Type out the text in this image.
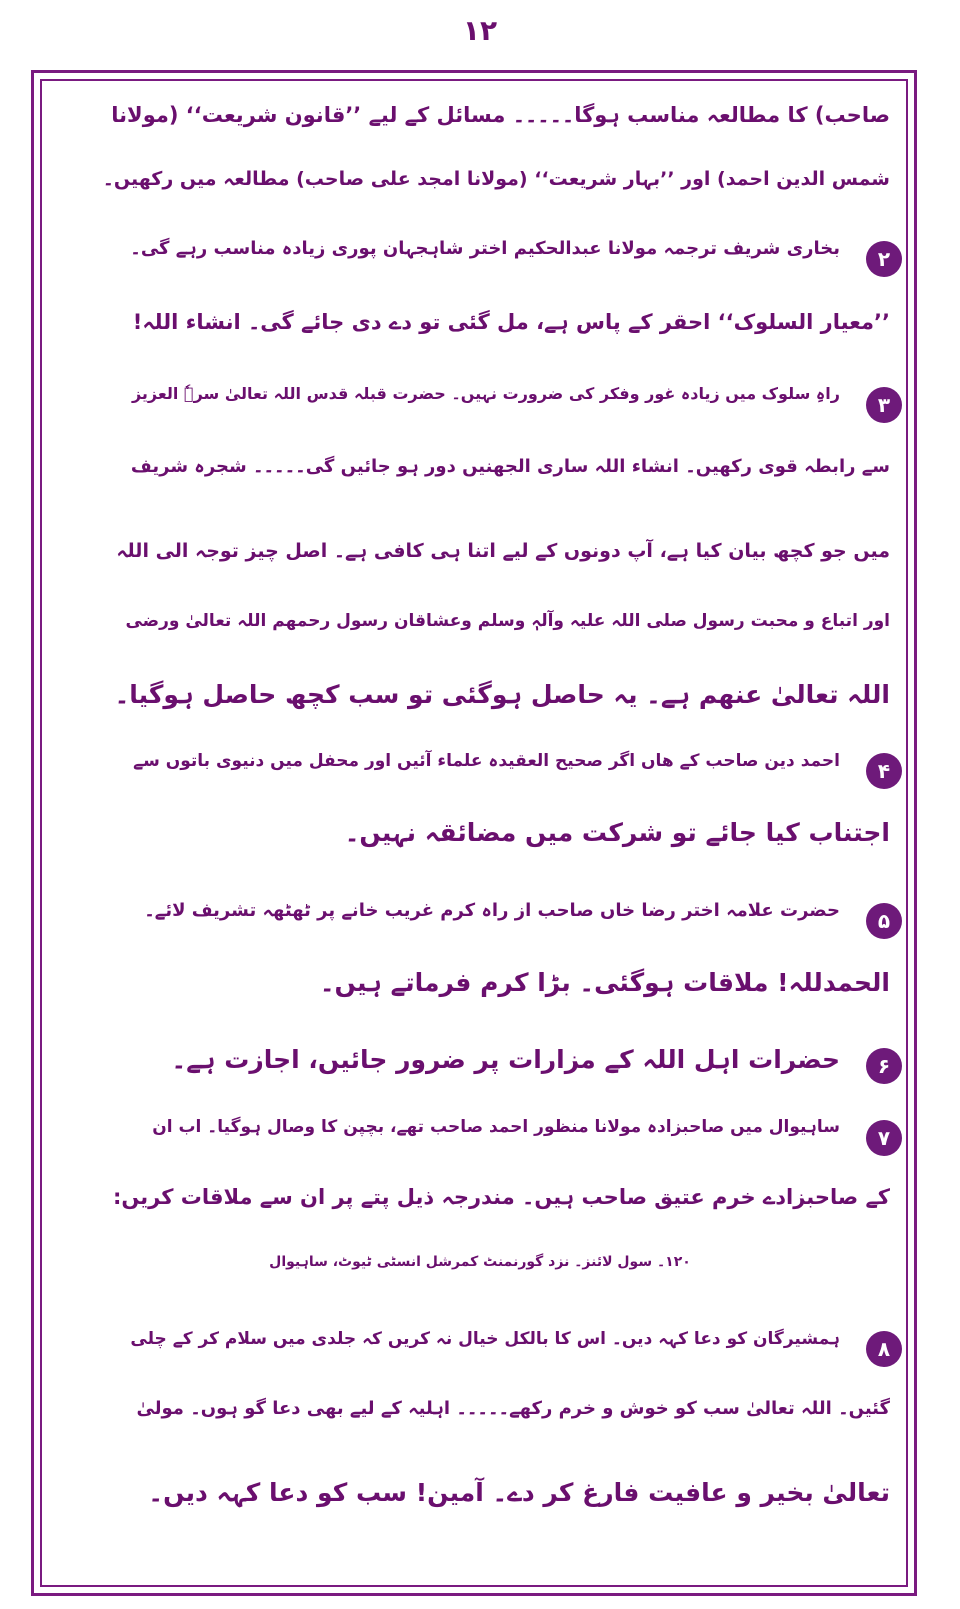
۱۲
صاحب) کا مطالعہ مناسب ہوگا۔۔۔۔۔ مسائل کے لیے ’’قانون شریعت‘‘ (مولانا
شمس الدین احمد) اور ’’بہار شریعت‘‘ (مولانا امجد علی صاحب) مطالعہ میں رکھیں۔
۲
بخاری شریف ترجمہ مولانا عبدالحکیم اختر شاہجہان پوری زیادہ مناسب رہے گی۔
’’معیار السلوک‘‘ احقر کے پاس ہے، مل گئی تو دے دی جائے گی۔ انشاء اللہ!
۳
راہِ سلوک میں زیادہ غور وفکر کی ضرورت نہیں۔ حضرت قبلہ قدس اللہ تعالیٰ سرہٗ العزیز
سے رابطہ قوی رکھیں۔ انشاء اللہ ساری الجھنیں دور ہو جائیں گی۔۔۔۔۔ شجرہ شریف
میں جو کچھ بیان کیا ہے، آپ دونوں کے لیے اتنا ہی کافی ہے۔ اصل چیز توجہ الی اللہ
اور اتباع و محبت رسول صلی اللہ علیہ وآلہٖ وسلم وعشاقان رسول رحمھم اللہ تعالیٰ ورضی
اللہ تعالیٰ عنھم ہے۔ یہ حاصل ہوگئی تو سب کچھ حاصل ہوگیا۔
۴
احمد دین صاحب کے ھاں اگر صحیح العقیدہ علماء آئیں اور محفل میں دنیوی باتوں سے
اجتناب کیا جائے تو شرکت میں مضائقہ نہیں۔
۵
حضرت علامہ اختر رضا خاں صاحب از راہ کرم غریب خانے پر ٹھٹھہ تشریف لائے۔
الحمدللہ! ملاقات ہوگئی۔ بڑا کرم فرماتے ہیں۔
۶
حضرات اہل اللہ کے مزارات پر ضرور جائیں، اجازت ہے۔
۷
ساہیوال میں صاحبزادہ مولانا منظور احمد صاحب تھے، بچپن کا وصال ہوگیا۔ اب ان
کے صاحبزادے خرم عتیق صاحب ہیں۔ مندرجہ ذیل پتے پر ان سے ملاقات کریں:
۱۲۰۔ سول لائنز۔ نزد گورنمنٹ کمرشل انسٹی ٹیوٹ، ساہیوال
۸
ہمشیرگان کو دعا کہہ دیں۔ اس کا بالکل خیال نہ کریں کہ جلدی میں سلام کر کے چلی
گئیں۔ اللہ تعالیٰ سب کو خوش و خرم رکھے۔۔۔۔۔ اہلیہ کے لیے بھی دعا گو ہوں۔ مولیٰ
تعالیٰ بخیر و عافیت فارغ کر دے۔ آمین! سب کو دعا کہہ دیں۔
